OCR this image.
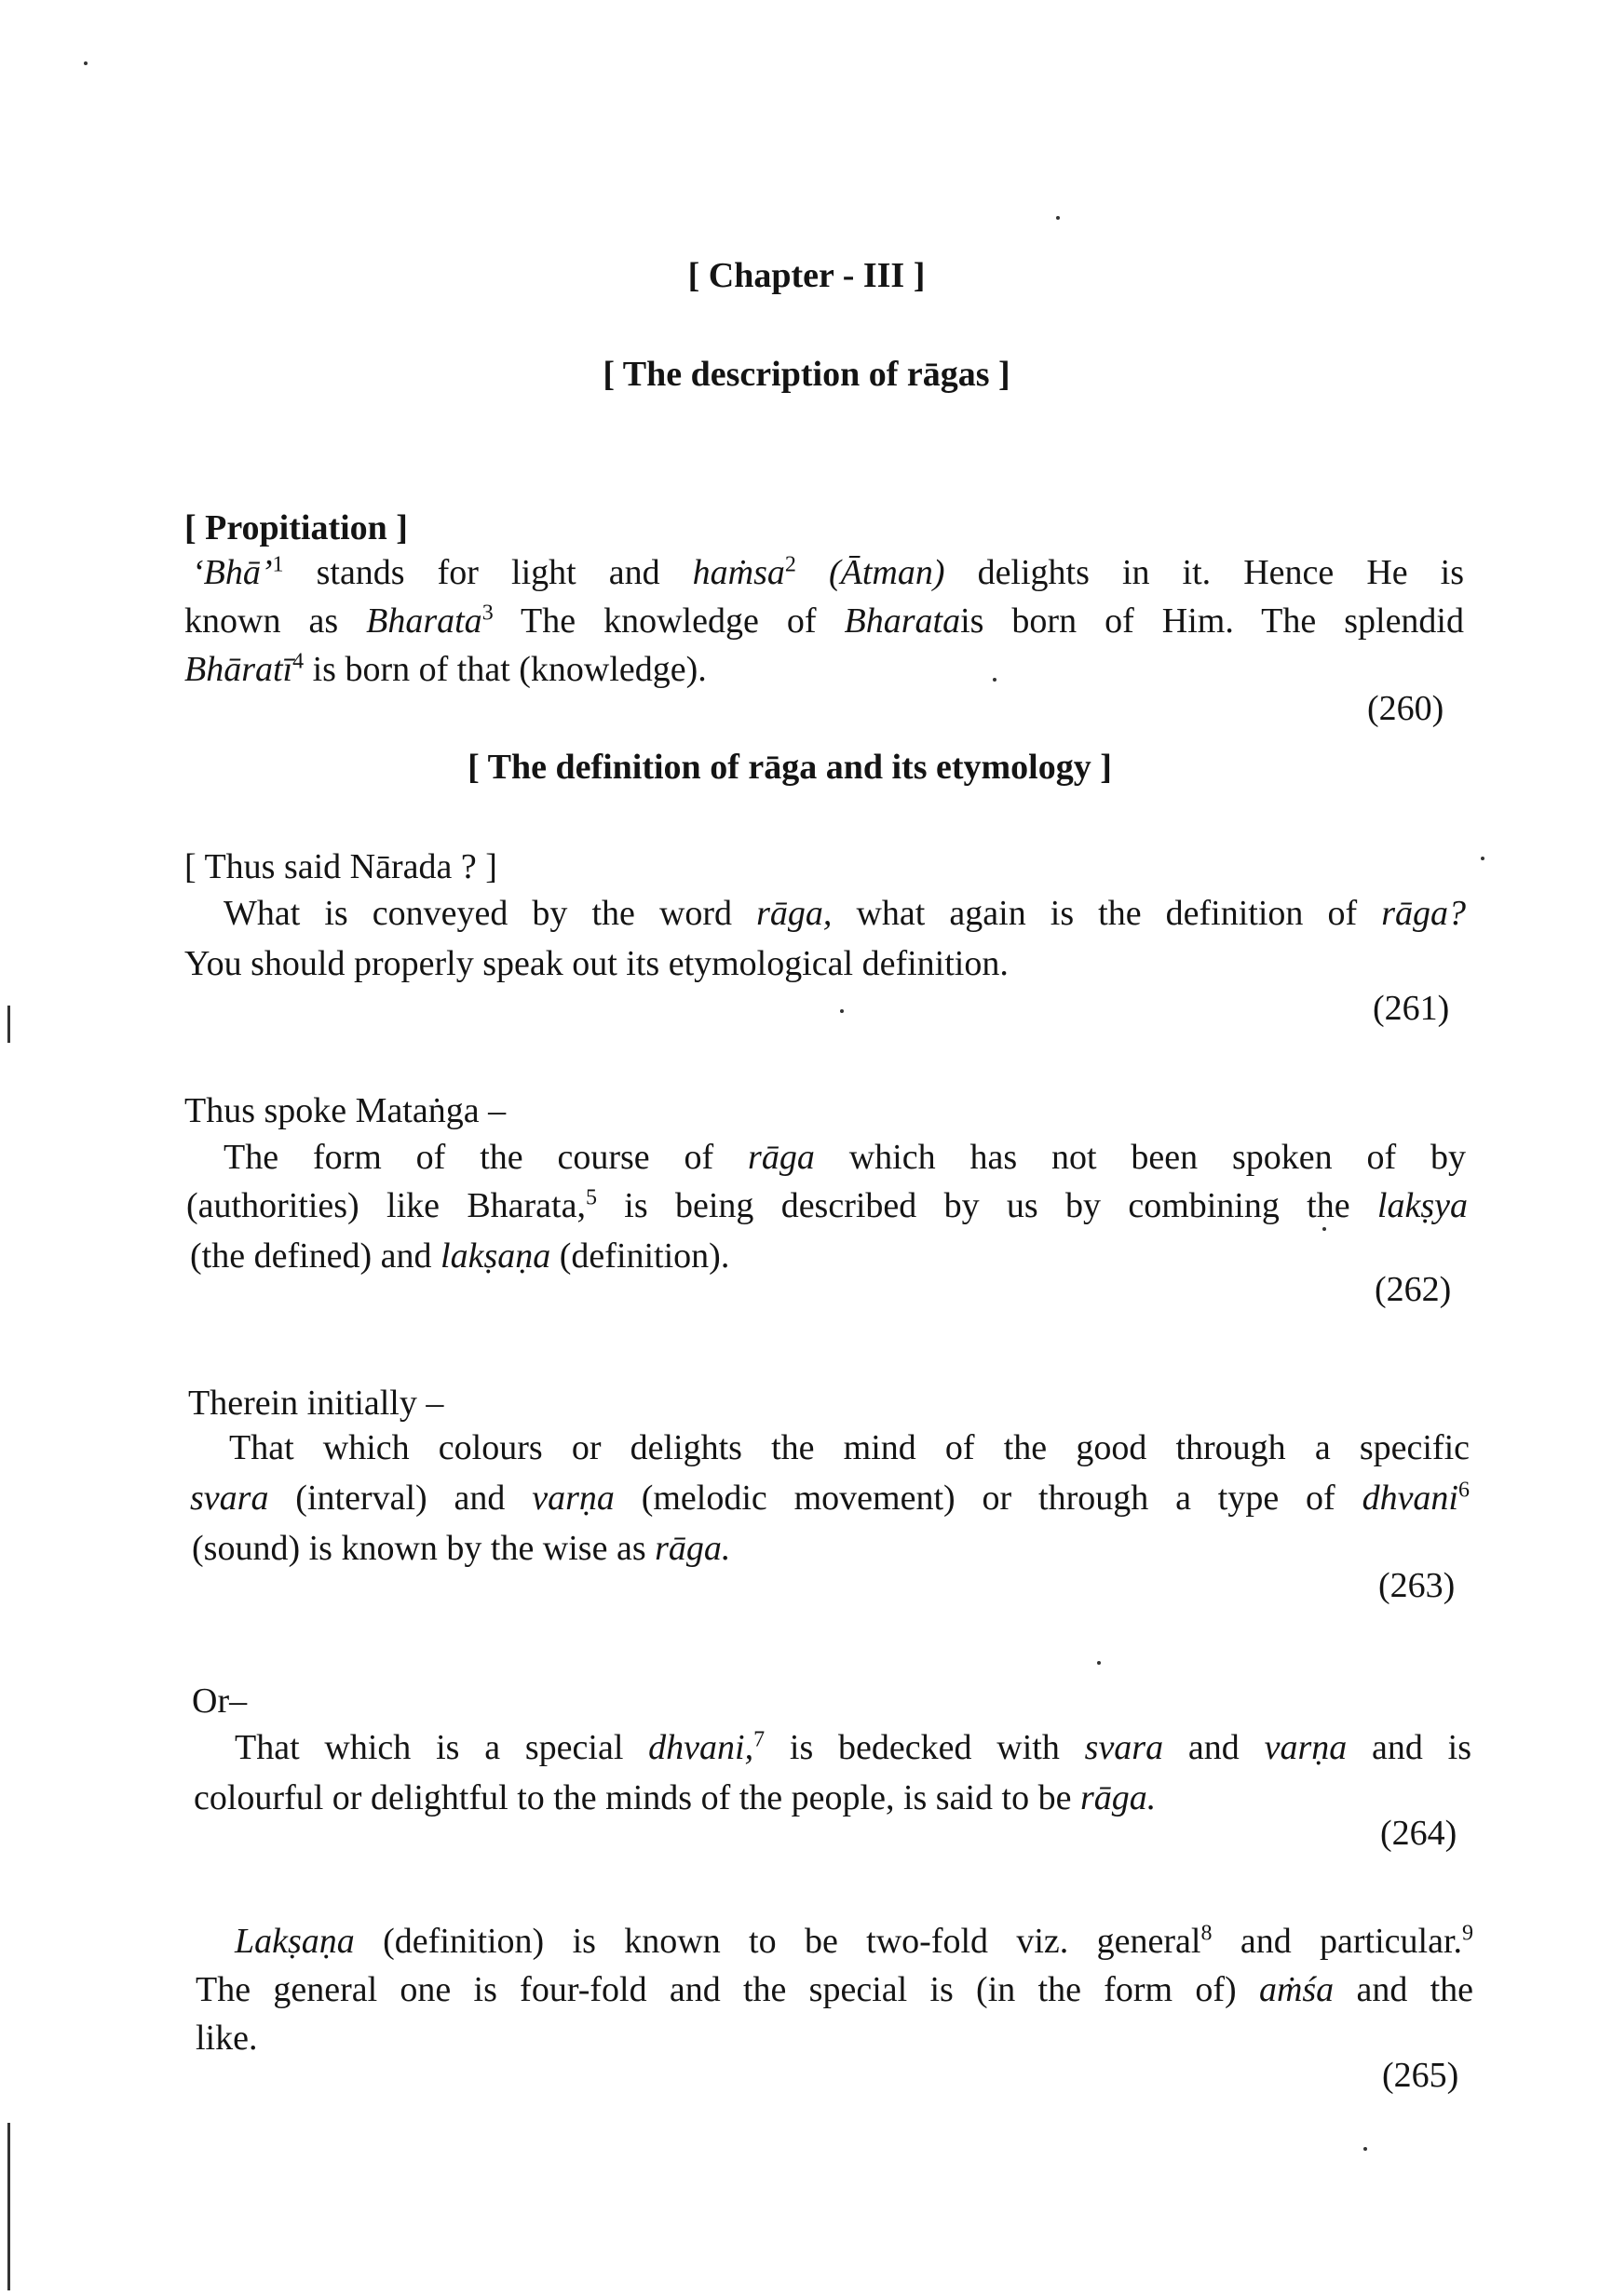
[ Chapter - III ]
[ The description of rāgas ]
[ Propitiation ]
‘Bhā’$^1$ stands for light and haṁsa$^2$ (Ātman) delights in it. Hence He is
known as Bharata$^3$ The knowledge of Bharatais born of Him. The splendid
Bhāratī$^4$ is born of that (knowledge).
(260)
[ The definition of rāga and its etymology ]
[ Thus said Nārada ? ]
What is conveyed by the word rāga, what again is the definition of rāga?
You should properly speak out its etymological definition.
(261)
Thus spoke Mataṅga –
The form of the course of rāga which has not been spoken of by
(authorities) like Bharata,$^5$ is being described by us by combining the lakṣya
(the defined) and lakṣaṇa (definition).
(262)
Therein initially –
That which colours or delights the mind of the good through a specific
svara (interval) and varṇa (melodic movement) or through a type of dhvani$^6$
(sound) is known by the wise as rāga.
(263)
Or–
That which is a special dhvani,$^7$ is bedecked with svara and varṇa and is
colourful or delightful to the minds of the people, is said to be rāga.
(264)
Lakṣaṇa (definition) is known to be two-fold viz. general$^8$ and particular.$^9$
The general one is four-fold and the special is (in the form of) aṁśa and the
like.
(265)
